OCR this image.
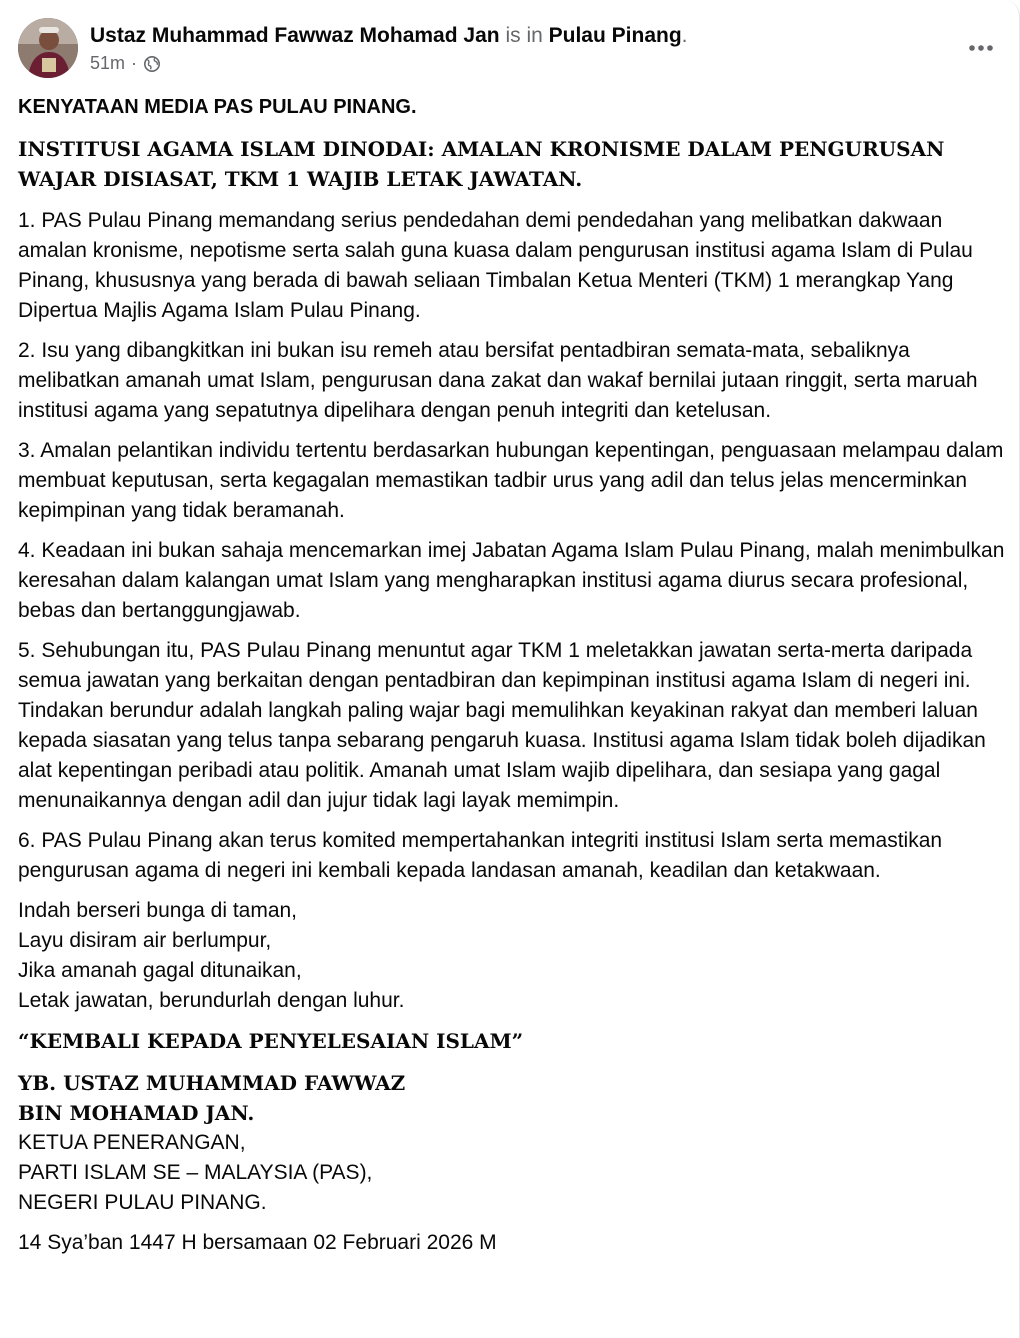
Ustaz Muhammad Fawwaz Mohamad Jan is in Pulau Pinang.
51m ·
KENYATAAN MEDIA PAS PULAU PINANG.
INSTITUSI AGAMA ISLAM DINODAI: AMALAN KRONISME DALAM PENGURUSAN
WAJAR DISIASAT, TKM 1 WAJIB LETAK JAWATAN.
1. PAS Pulau Pinang memandang serius pendedahan demi pendedahan yang melibatkan dakwaan amalan kronisme, nepotisme serta salah guna kuasa dalam pengurusan institusi agama Islam di Pulau Pinang, khususnya yang berada di bawah seliaan Timbalan Ketua Menteri (TKM) 1 merangkap Yang Dipertua Majlis Agama Islam Pulau Pinang.
2. Isu yang dibangkitkan ini bukan isu remeh atau bersifat pentadbiran semata-mata, sebaliknya melibatkan amanah umat Islam, pengurusan dana zakat dan wakaf bernilai jutaan ringgit, serta maruah institusi agama yang sepatutnya dipelihara dengan penuh integriti dan ketelusan.
3. Amalan pelantikan individu tertentu berdasarkan hubungan kepentingan, penguasaan melampau dalam membuat keputusan, serta kegagalan memastikan tadbir urus yang adil dan telus jelas mencerminkan kepimpinan yang tidak beramanah.
4. Keadaan ini bukan sahaja mencemarkan imej Jabatan Agama Islam Pulau Pinang, malah menimbulkan keresahan dalam kalangan umat Islam yang mengharapkan institusi agama diurus secara profesional, bebas dan bertanggungjawab.
5. Sehubungan itu, PAS Pulau Pinang menuntut agar TKM 1 meletakkan jawatan serta-merta daripada semua jawatan yang berkaitan dengan pentadbiran dan kepimpinan institusi agama Islam di negeri ini. Tindakan berundur adalah langkah paling wajar bagi memulihkan keyakinan rakyat dan memberi laluan kepada siasatan yang telus tanpa sebarang pengaruh kuasa. Institusi agama Islam tidak boleh dijadikan alat kepentingan peribadi atau politik. Amanah umat Islam wajib dipelihara, dan sesiapa yang gagal menunaikannya dengan adil dan jujur tidak lagi layak memimpin.
6. PAS Pulau Pinang akan terus komited mempertahankan integriti institusi Islam serta memastikan pengurusan agama di negeri ini kembali kepada landasan amanah, keadilan dan ketakwaan.
Indah berseri bunga di taman,
Layu disiram air berlumpur,
Jika amanah gagal ditunaikan,
Letak jawatan, berundurlah dengan luhur.
“KEMBALI KEPADA PENYELESAIAN ISLAM”
YB. USTAZ MUHAMMAD FAWWAZ
BIN MOHAMAD JAN.
KETUA PENERANGAN,
PARTI ISLAM SE – MALAYSIA (PAS),
NEGERI PULAU PINANG.
14 Sya’ban 1447 H bersamaan 02 Februari 2026 M
